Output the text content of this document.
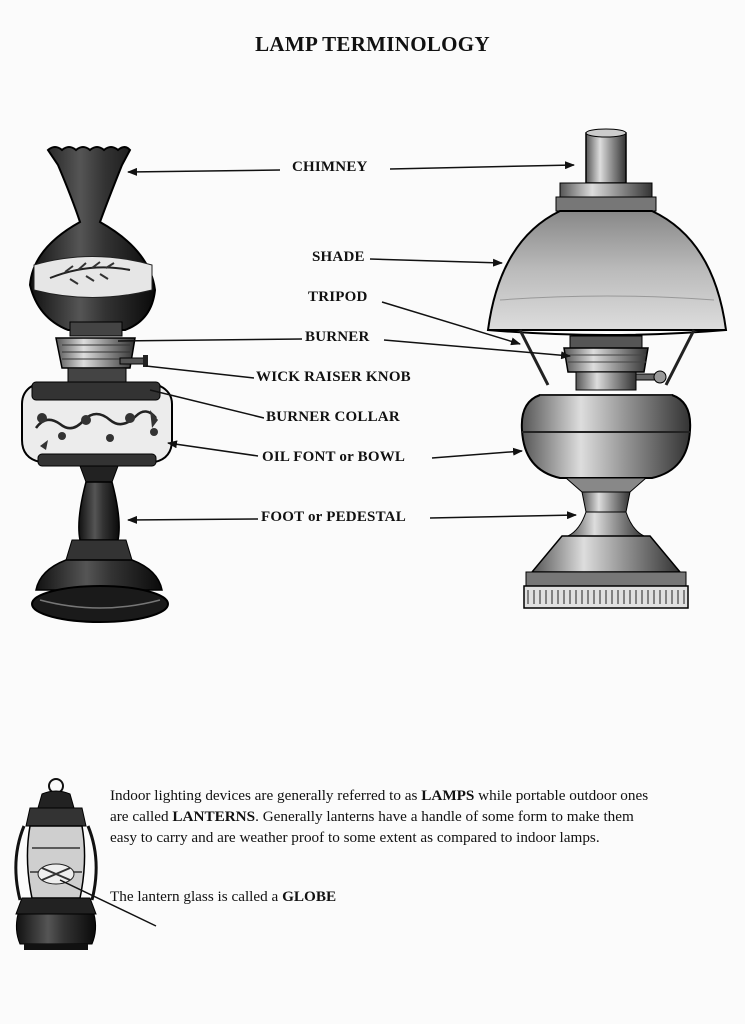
LAMP TERMINOLOGY
CHIMNEY
SHADE
TRIPOD
BURNER
WICK RAISER KNOB
BURNER COLLAR
OIL FONT or BOWL
FOOT or PEDESTAL
Indoor lighting devices are generally referred to as LAMPS while portable outdoor ones are called LANTERNS. Generally lanterns have a handle of some form to make them easy to carry and are weather proof to some extent as compared to indoor lamps.
The lantern glass is called a GLOBE
